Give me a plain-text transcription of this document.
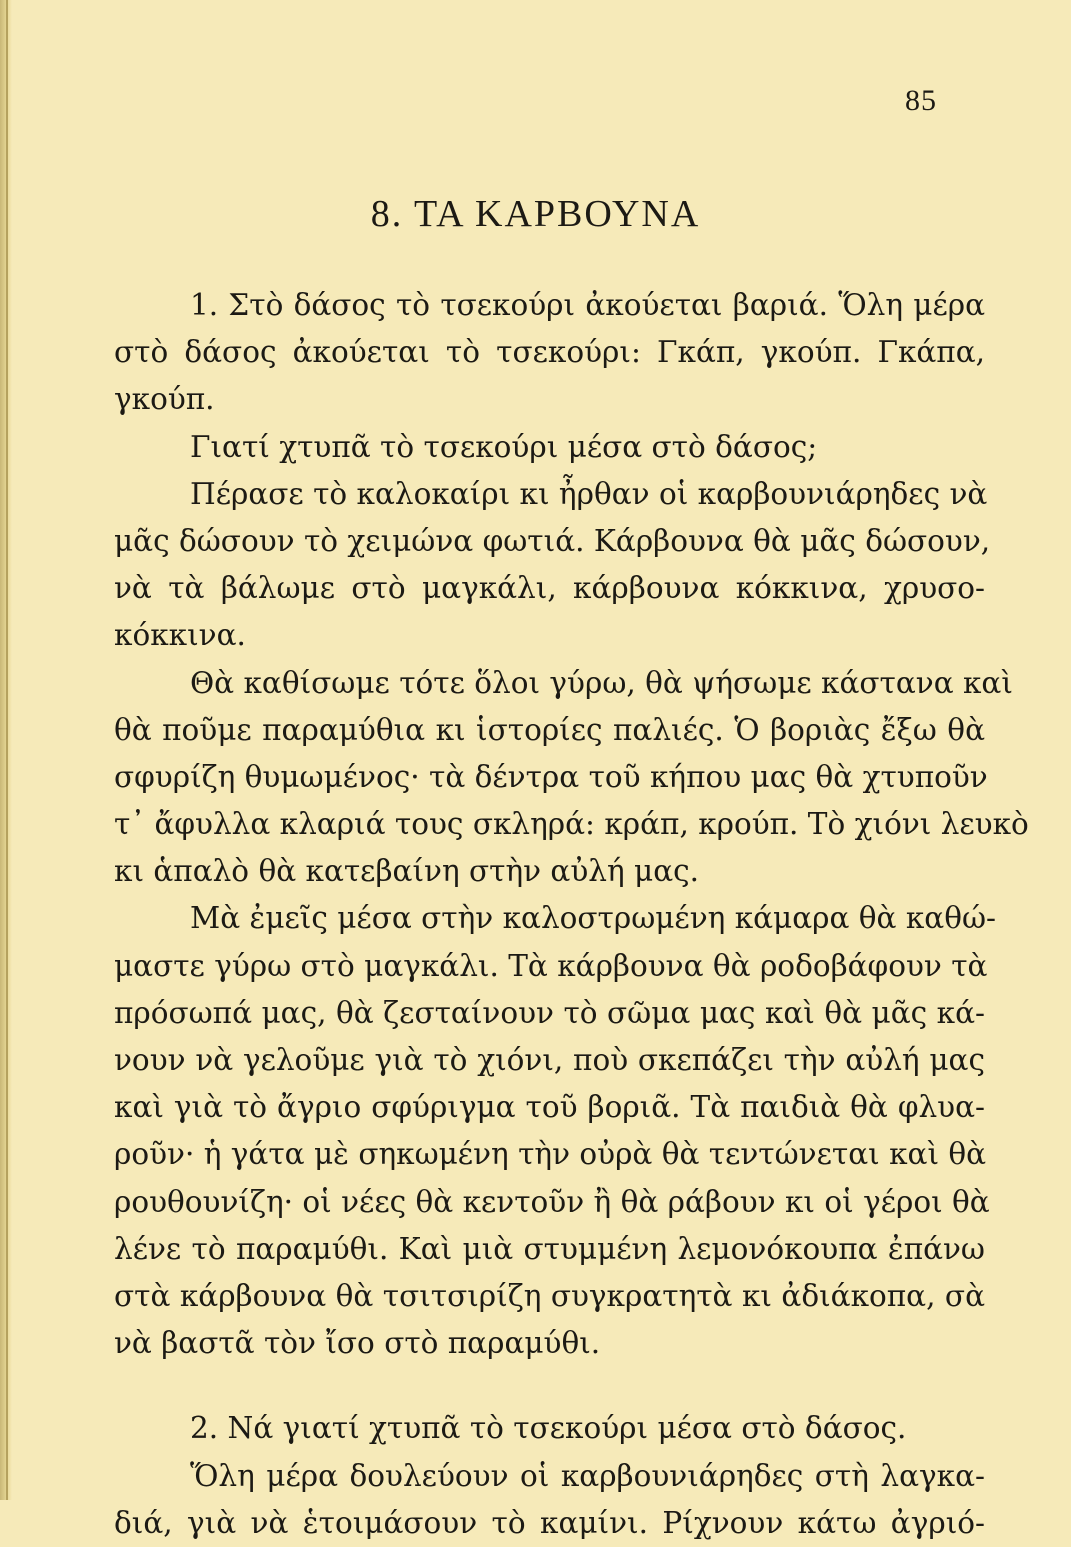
85
8. ΤΑ ΚΑΡΒΟΥΝΑ
1. Στὸ δάσος τὸ τσεκούρι ἀκούεται βαριά. Ὅλη μέρα
στὸ δάσος ἀκούεται τὸ τσεκούρι: Γκάπ, γκούπ. Γκάπα,
γκούπ.
Γιατί χτυπᾶ τὸ τσεκούρι μέσα στὸ δάσος;
Πέρασε τὸ καλοκαίρι κι ἦρθαν οἱ καρβουνιάρηδες νὰ
μᾶς δώσουν τὸ χειμώνα φωτιά. Κάρβουνα θὰ μᾶς δώσουν,
νὰ τὰ βάλωμε στὸ μαγκάλι, κάρβουνα κόκκινα, χρυσο-
κόκκινα.
Θὰ καθίσωμε τότε ὅλοι γύρω, θὰ ψήσωμε κάστανα καὶ
θὰ ποῦμε παραμύθια κι ἱστορίες παλιές. Ὁ βοριὰς ἔξω θὰ
σφυρίζη θυμωμένος· τὰ δέντρα τοῦ κήπου μας θὰ χτυποῦν
τ᾽ ἄφυλλα κλαριά τους σκληρά: κράπ, κρούπ. Τὸ χιόνι λευκὸ
κι ἁπαλὸ θὰ κατεβαίνη στὴν αὐλή μας.
Μὰ ἐμεῖς μέσα στὴν καλοστρωμένη κάμαρα θὰ καθώ-
μαστε γύρω στὸ μαγκάλι. Τὰ κάρβουνα θὰ ροδοβάφουν τὰ
πρόσωπά μας, θὰ ζεσταίνουν τὸ σῶμα μας καὶ θὰ μᾶς κά-
νουν νὰ γελοῦμε γιὰ τὸ χιόνι, ποὺ σκεπάζει τὴν αὐλή μας
καὶ γιὰ τὸ ἄγριο σφύριγμα τοῦ βοριᾶ. Τὰ παιδιὰ θὰ φλυα-
ροῦν· ἡ γάτα μὲ σηκωμένη τὴν οὐρὰ θὰ τεντώνεται καὶ θὰ
ρουθουνίζη· οἱ νέες θὰ κεντοῦν ἢ θὰ ράβουν κι οἱ γέροι θὰ
λένε τὸ παραμύθι. Καὶ μιὰ στυμμένη λεμονόκουπα ἐπάνω
στὰ κάρβουνα θὰ τσιτσιρίζη συγκρατητὰ κι ἀδιάκοπα, σὰ
νὰ βαστᾶ τὸν ἴσο στὸ παραμύθι.
2. Νά γιατί χτυπᾶ τὸ τσεκούρι μέσα στὸ δάσος.
Ὅλη μέρα δουλεύουν οἱ καρβουνιάρηδες στὴ λαγκα-
διά, γιὰ νὰ ἑτοιμάσουν τὸ καμίνι. Ρίχνουν κάτω ἀγριό-
